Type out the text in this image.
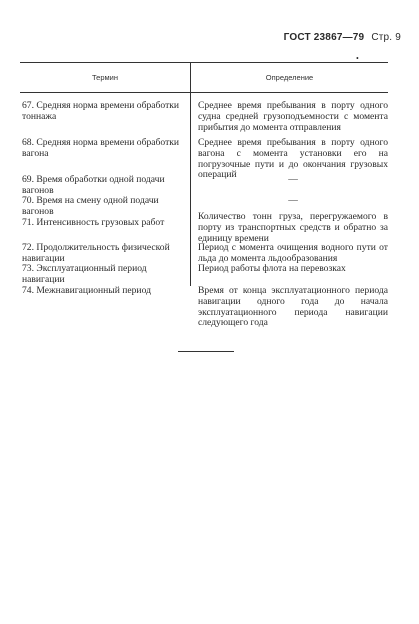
ГОСТ 23867—79 Стр. 9
•
Термин	Определение
67. Средняя норма времени обработки тоннажа
Среднее время пребывания в порту одного судна средней грузоподъемности с момента прибытия до момента отправления
68. Средняя норма времени обработки вагона
Среднее время пребывания в порту одного вагона с момента установки его на погрузочные пути и до окончания грузовых операций
69. Время обработки одной подачи вагонов
—
70. Время на смену одной подачи вагонов
—
71. Интенсивность грузовых работ
Количество тонн груза, перегружаемого в порту из транспортных средств и обратно за единицу времени
72. Продолжительность физической навигации
Период с момента очищения водного пути от льда до момента льдообразования
73. Эксплуатационный период навигации
Период работы флота на перевозках
74. Межнавигационный период	Время от конца эксплуатационного периода навигации одного года до начала эксплуатационного периода навигации следующего года
